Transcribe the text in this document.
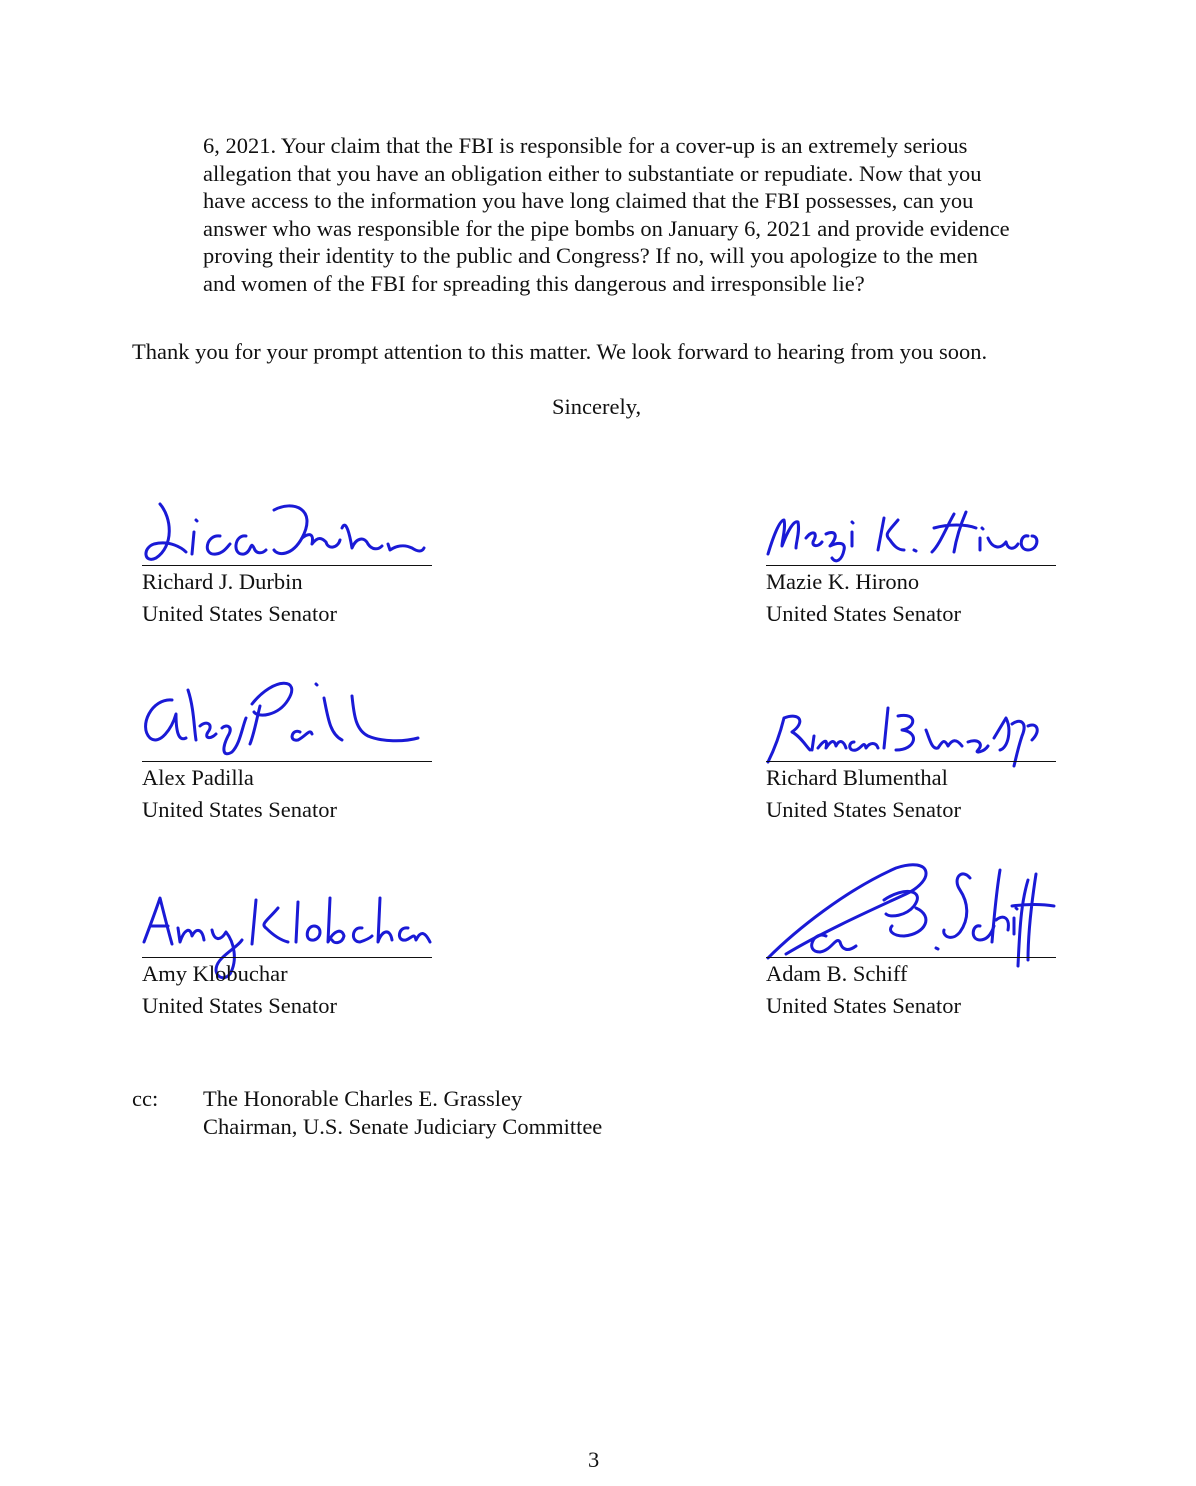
6, 2021. Your claim that the FBI is responsible for a cover-up is an extremely serious
allegation that you have an obligation either to substantiate or repudiate. Now that you
have access to the information you have long claimed that the FBI possesses, can you
answer who was responsible for the pipe bombs on January 6, 2021 and provide evidence
proving their identity to the public and Congress? If no, will you apologize to the men
and women of the FBI for spreading this dangerous and irresponsible lie?
Thank you for your prompt attention to this matter. We look forward to hearing from you soon.
Sincerely,
Richard J. Durbin
United States Senator
Mazie K. Hirono
United States Senator
Alex Padilla
United States Senator
Richard Blumenthal
United States Senator
Amy Klobuchar
United States Senator
Adam B. Schiff
United States Senator
cc: The Honorable Charles E. Grassley
Chairman, U.S. Senate Judiciary Committee
3
